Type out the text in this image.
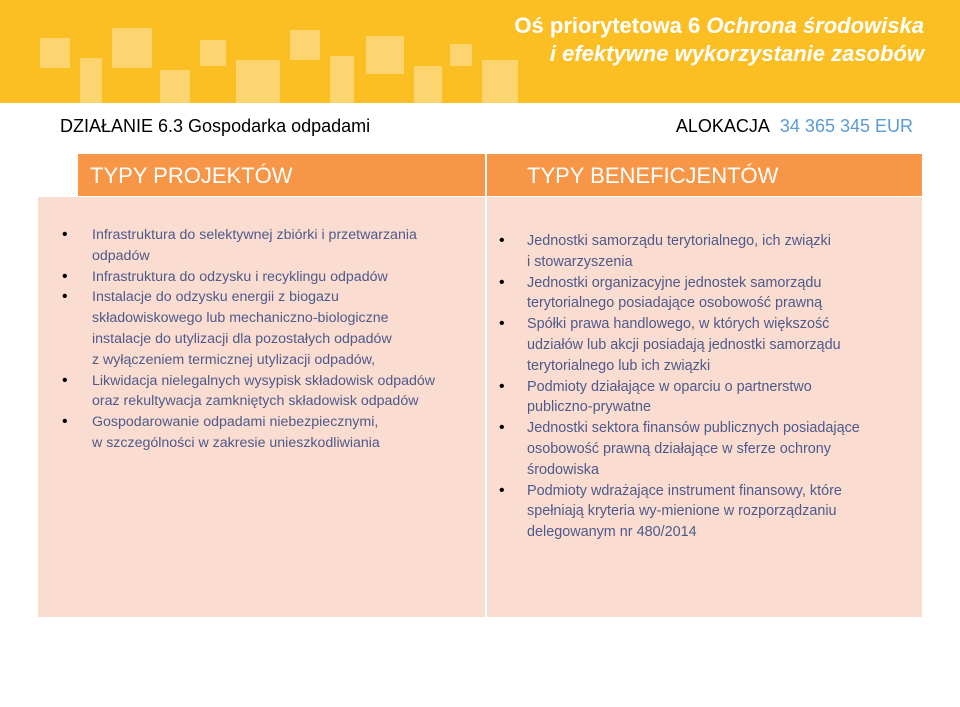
Oś priorytetowa 6 Ochrona środowiska
i efektywne wykorzystanie zasobów
DZIAŁANIE 6.3 Gospodarka odpadami	ALOKACJA 34 365 345 EUR
TYPY PROJEKTÓW	TYPY BENEFICJENTÓW
• Infrastruktura do selektywnej zbiórki i przetwarzania
odpadów
• Infrastruktura do odzysku i recyklingu odpadów
• Instalacje do odzysku energii z biogazu
składowiskowego lub mechaniczno-biologiczne
instalacje do utylizacji dla pozostałych odpadów
z wyłączeniem termicznej utylizacji odpadów,
• Likwidacja nielegalnych wysypisk składowisk odpadów
oraz rekultywacja zamkniętych składowisk odpadów
• Gospodarowanie odpadami niebezpiecznymi,
w szczególności w zakresie unieszkodliwiania
• Jednostki samorządu terytorialnego, ich związki
i stowarzyszenia
• Jednostki organizacyjne jednostek samorządu
terytorialnego posiadające osobowość prawną
• Spółki prawa handlowego, w których większość
udziałów lub akcji posiadają jednostki samorządu
terytorialnego lub ich związki
• Podmioty działające w oparciu o partnerstwo
publiczno-prywatne
• Jednostki sektora finansów publicznych posiadające
osobowość prawną działające w sferze ochrony
środowiska
• Podmioty wdrażające instrument finansowy, które
spełniają kryteria wy-mienione w rozporządzaniu
delegowanym nr 480/2014
